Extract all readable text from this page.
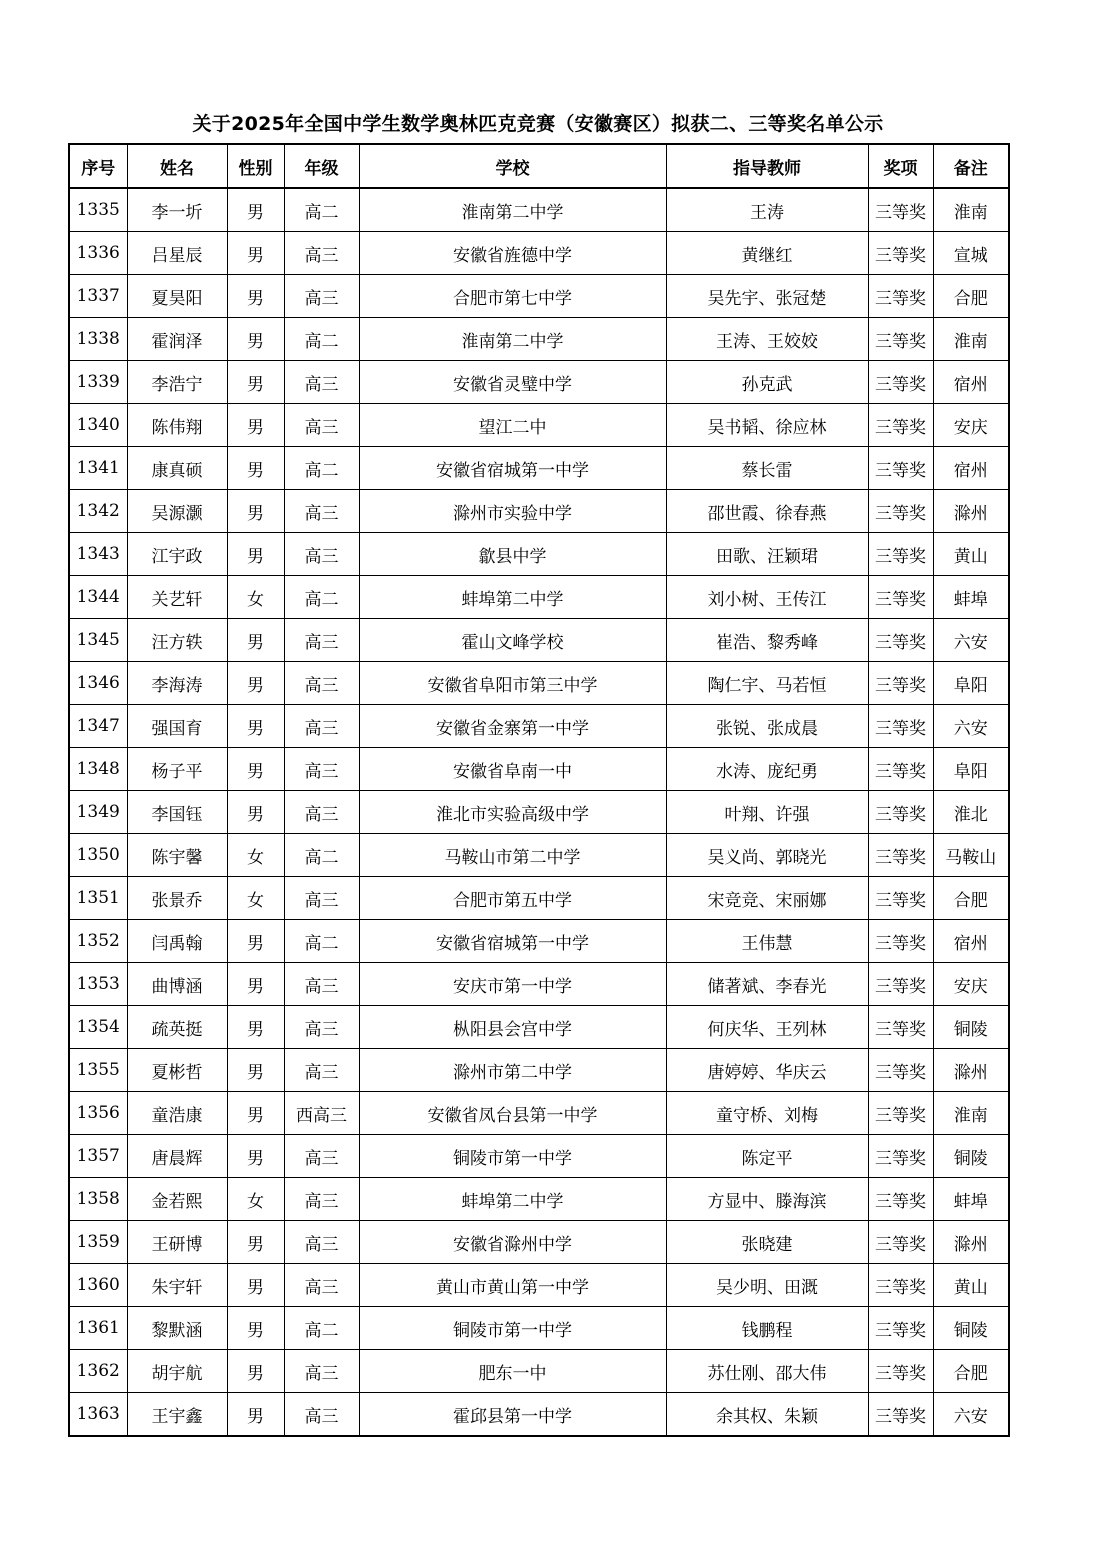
关于2025年全国中学生数学奥林匹克竞赛（安徽赛区）拟获二、三等奖名单公示
序号	姓名	性别	年级	学校	指导教师	奖项	备注
1335	李一圻	男	高二	淮南第二中学	王涛	三等奖	淮南
1336	吕星辰	男	高三	安徽省旌德中学	黄继红	三等奖	宣城
1337	夏昊阳	男	高三	合肥市第七中学	吴先宇、张冠楚	三等奖	合肥
1338	霍润泽	男	高二	淮南第二中学	王涛、王姣姣	三等奖	淮南
1339	李浩宁	男	高三	安徽省灵璧中学	孙克武	三等奖	宿州
1340	陈伟翔	男	高三	望江二中	吴书韬、徐应林	三等奖	安庆
1341	康真硕	男	高二	安徽省宿城第一中学	蔡长雷	三等奖	宿州
1342	吴源灏	男	高三	滁州市实验中学	邵世霞、徐春燕	三等奖	滁州
1343	江宇政	男	高三	歙县中学	田歌、汪颖珺	三等奖	黄山
1344	关艺轩	女	高二	蚌埠第二中学	刘小树、王传江	三等奖	蚌埠
1345	汪方轶	男	高三	霍山文峰学校	崔浩、黎秀峰	三等奖	六安
1346	李海涛	男	高三	安徽省阜阳市第三中学	陶仁宇、马若恒	三等奖	阜阳
1347	强国育	男	高三	安徽省金寨第一中学	张锐、张成晨	三等奖	六安
1348	杨子平	男	高三	安徽省阜南一中	水涛、庞纪勇	三等奖	阜阳
1349	李国钰	男	高三	淮北市实验高级中学	叶翔、许强	三等奖	淮北
1350	陈宇馨	女	高二	马鞍山市第二中学	吴义尚、郭晓光	三等奖	马鞍山
1351	张景乔	女	高三	合肥市第五中学	宋竞竞、宋丽娜	三等奖	合肥
1352	闫禹翰	男	高二	安徽省宿城第一中学	王伟慧	三等奖	宿州
1353	曲博涵	男	高三	安庆市第一中学	储著斌、李春光	三等奖	安庆
1354	疏英挺	男	高三	枞阳县会宫中学	何庆华、王列林	三等奖	铜陵
1355	夏彬哲	男	高三	滁州市第二中学	唐婷婷、华庆云	三等奖	滁州
1356	童浩康	男	西高三	安徽省凤台县第一中学	童守桥、刘梅	三等奖	淮南
1357	唐晨辉	男	高三	铜陵市第一中学	陈定平	三等奖	铜陵
1358	金若熙	女	高三	蚌埠第二中学	方显中、滕海滨	三等奖	蚌埠
1359	王研博	男	高三	安徽省滁州中学	张晓建	三等奖	滁州
1360	朱宇轩	男	高三	黄山市黄山第一中学	吴少明、田溉	三等奖	黄山
1361	黎默涵	男	高二	铜陵市第一中学	钱鹏程	三等奖	铜陵
1362	胡宇航	男	高三	肥东一中	苏仕刚、邵大伟	三等奖	合肥
1363	王宇鑫	男	高三	霍邱县第一中学	余其权、朱颖	三等奖	六安
